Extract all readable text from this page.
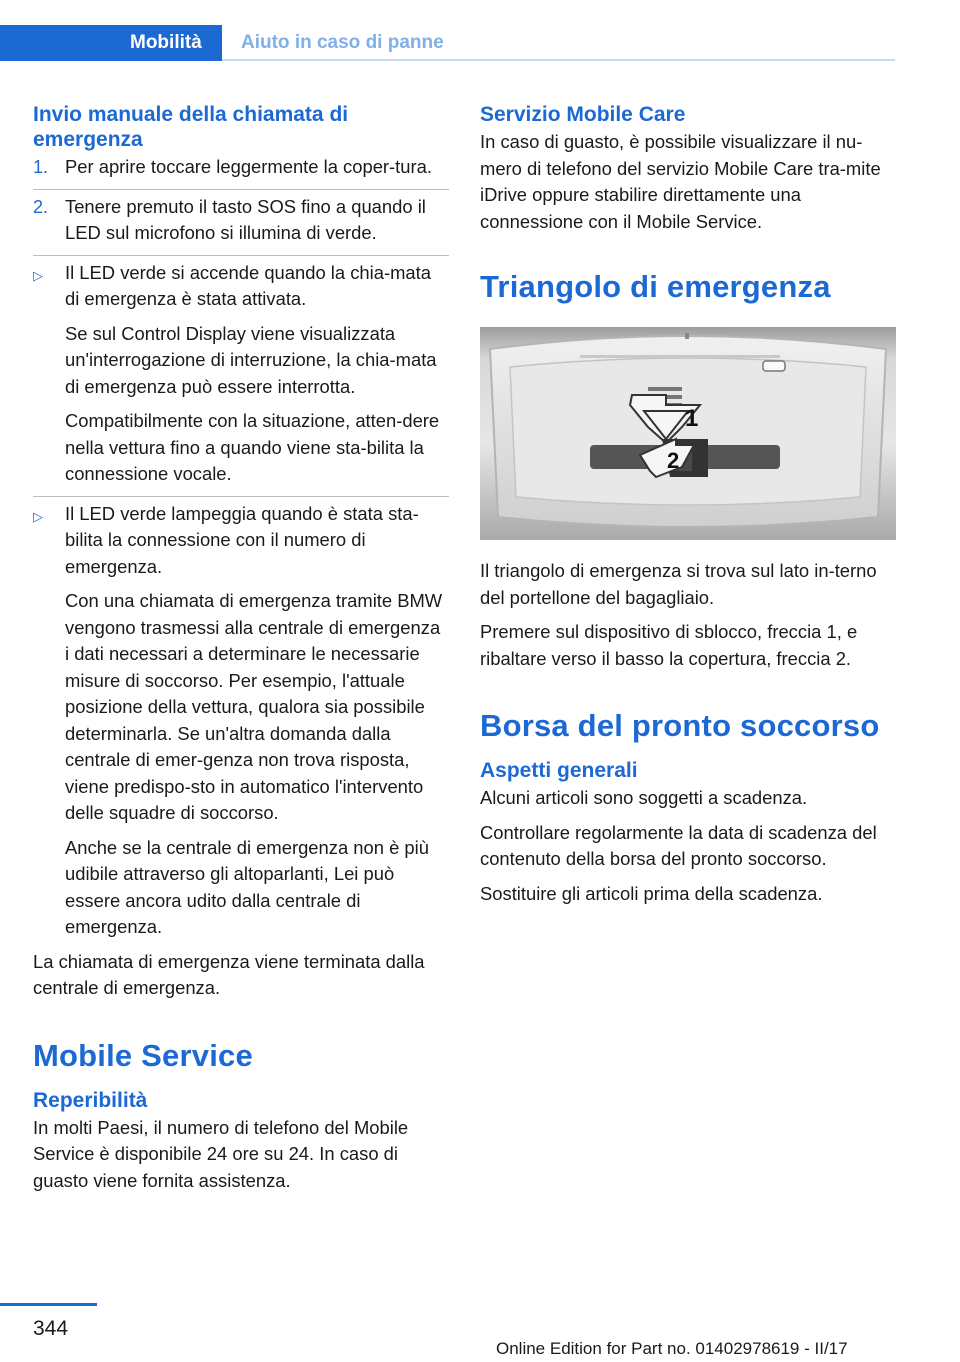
Mobilità	Aiuto in caso di panne
Invio manuale della chiamata di emergenza
1. Per aprire toccare leggermente la coper‐tura.

2. Tenere premuto il tasto SOS fino a quando il LED sul microfono si illumina di verde.

▷ Il LED verde si accende quando la chia‐mata di emergenza è stata attivata.

Se sul Control Display viene visualizzata un'interrogazione di interruzione, la chia‐mata di emergenza può essere interrotta.

Compatibilmente con la situazione, atten‐dere nella vettura fino a quando viene sta‐bilita la connessione vocale.

▷ Il LED verde lampeggia quando è stata sta‐bilita la connessione con il numero di emergenza.

Con una chiamata di emergenza tramite BMW vengono trasmessi alla centrale di emergenza i dati necessari a determinare le necessarie misure di soccorso. Per esempio, l'attuale posizione della vettura, qualora sia possibile determinarla. Se un'altra domanda dalla centrale di emer‐genza non trova risposta, viene predispo‐sto in automatico l'intervento delle squadre di soccorso.

Anche se la centrale di emergenza non è più udibile attraverso gli altoparlanti, Lei può essere ancora udito dalla centrale di emergenza.

La chiamata di emergenza viene terminata dalla centrale di emergenza.

Mobile Service
Reperibilità

In molti Paesi, il numero di telefono del Mobile Service è disponibile 24 ore su 24. In caso di guasto viene fornita assistenza.

Servizio Mobile Care

In caso di guasto, è possibile visualizzare il nu‐mero di telefono del servizio Mobile Care tra‐mite iDrive oppure stabilire direttamente una connessione con il Mobile Service.

Triangolo di emergenza
1
2

Il triangolo di emergenza si trova sul lato in‐terno del portellone del bagagliaio.

Premere sul dispositivo di sblocco, freccia 1, e ribaltare verso il basso la copertura, freccia 2.

Borsa del pronto soccorso
Aspetti generali

Alcuni articoli sono soggetti a scadenza.

Controllare regolarmente la data di scadenza del contenuto della borsa del pronto soccorso.

Sostituire gli articoli prima della scadenza.

344
Online Edition for Part no. 01402978619 - II/17
